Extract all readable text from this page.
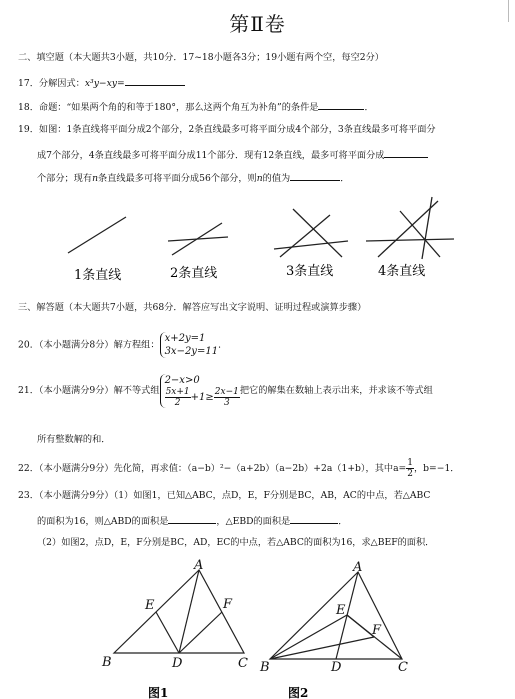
第Ⅱ卷
二、填空题（本大题共3小题，共10分．17~18小题各3分；19小题有两个空，每空2分）
17．分解因式：x³y−xy=
18．命题：“如果两个角的和等于180°，那么这两个角互为补角”的条件是	．
19．如图：1条直线将平面分成2个部分，2条直线最多可将平面分成4个部分，3条直线最多可将平面分
成7个部分，4条直线最多可将平面分成11个部分．现有12条直线，最多可将平面分成
个部分；现有n条直线最多可将平面分成56个部分，则n的值为	．
1条直线	2条直线	3条直线	4条直线
三、解答题（本大题共7小题，共68分．解答应写出文字说明、证明过程或演算步骤）
20．（本小题满分8分）解方程组：
x+2y=1
3x−2y=11
．
21．（本小题满分9分）解不等式组
2−x>0
$\frac{5x+1}{2} +1\ge \frac{2x-1}{3}$ 把它的解集在数轴上表示出来，并求该不等式组
所有整数解的和．
22．（本小题满分9分）先化简，再求值：（a−b）²−（a+2b）（a−2b）+2a（1+b），其中$a= \frac{1}{2}$ ，b=−1．
23．（本小题满分9分）（1）如图1，已知△ABC，点D，E，F分别是BC，AB，AC的中点，若△ABC
的面积为16，则△ABD的面积是	，△EBD的面积是	．
（2）如图2，点D，E，F分别是BC，AD，EC的中点，若△ABC的面积为16，求△BEF的面积．
A
B	C
D
E	F
图1
A
B	C
D
E
F
图2
